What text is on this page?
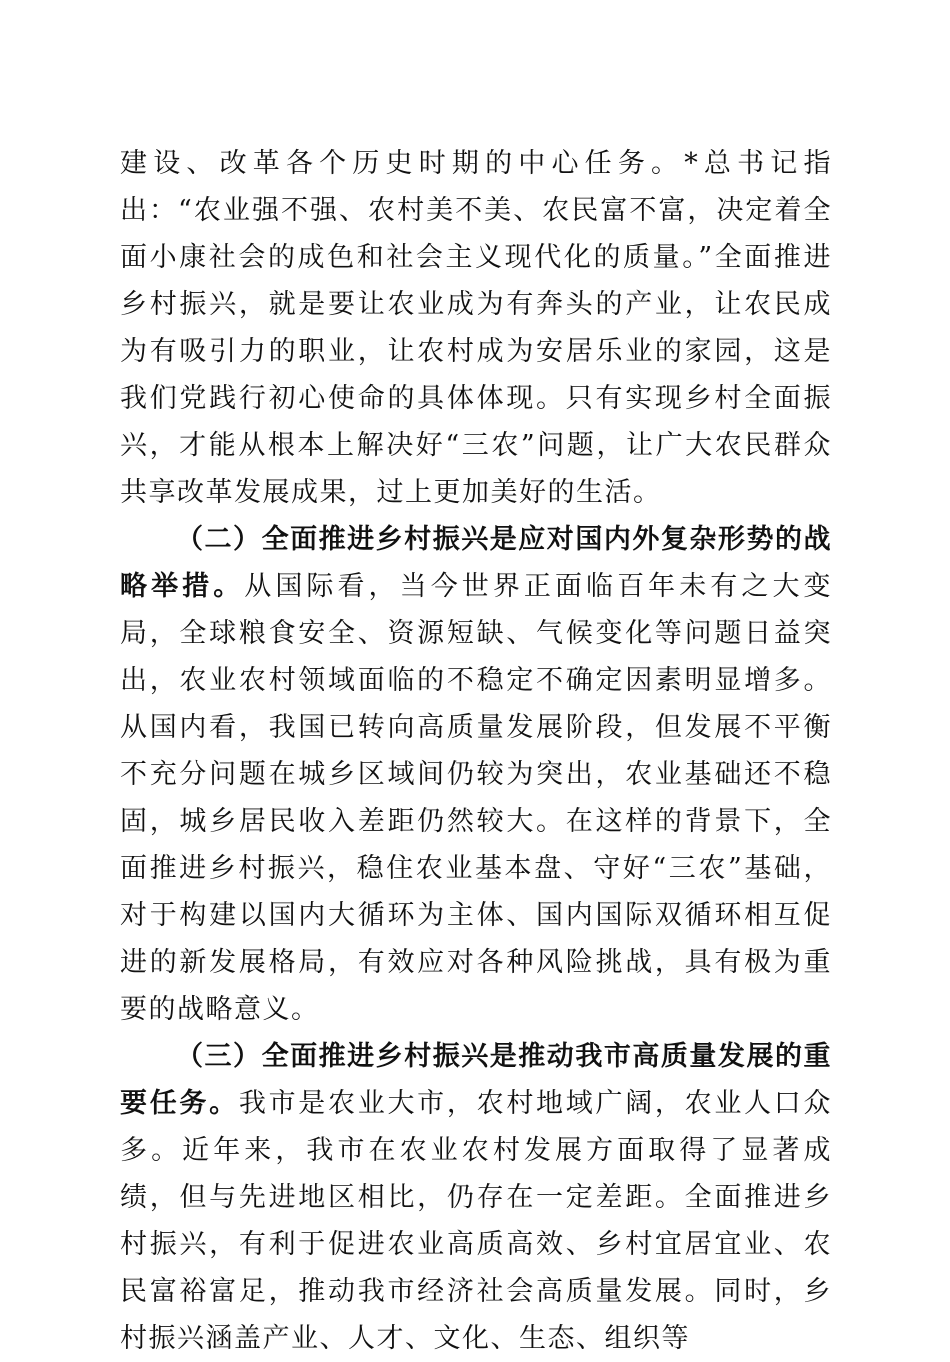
建设、改革各个历史时期的中心任务。*总书记指出：“农业强不强、农村美不美、农民富不富，决定着全面小康社会的成色和社会主义现代化的质量。”全面推进乡村振兴，就是要让农业成为有奔头的产业，让农民成为有吸引力的职业，让农村成为安居乐业的家园，这是我们党践行初心使命的具体体现。只有实现乡村全面振兴，才能从根本上解决好“三农”问题，让广大农民群众共享改革发展成果，过上更加美好的生活。

（二）全面推进乡村振兴是应对国内外复杂形势的战略举措。从国际看，当今世界正面临百年未有之大变局，全球粮食安全、资源短缺、气候变化等问题日益突出，农业农村领域面临的不稳定不确定因素明显增多。从国内看，我国已转向高质量发展阶段，但发展不平衡不充分问题在城乡区域间仍较为突出，农业基础还不稳固，城乡居民收入差距仍然较大。在这样的背景下，全面推进乡村振兴，稳住农业基本盘、守好“三农”基础，对于构建以国内大循环为主体、国内国际双循环相互促进的新发展格局，有效应对各种风险挑战，具有极为重要的战略意义。

（三）全面推进乡村振兴是推动我市高质量发展的重要任务。我市是农业大市，农村地域广阔，农业人口众多。近年来，我市在农业农村发展方面取得了显著成绩，但与先进地区相比，仍存在一定差距。全面推进乡村振兴，有利于促进农业高质高效、乡村宜居宜业、农民富裕富足，推动我市经济社会高质量发展。同时，乡村振兴涵盖产业、人才、文化、生态、组织等
